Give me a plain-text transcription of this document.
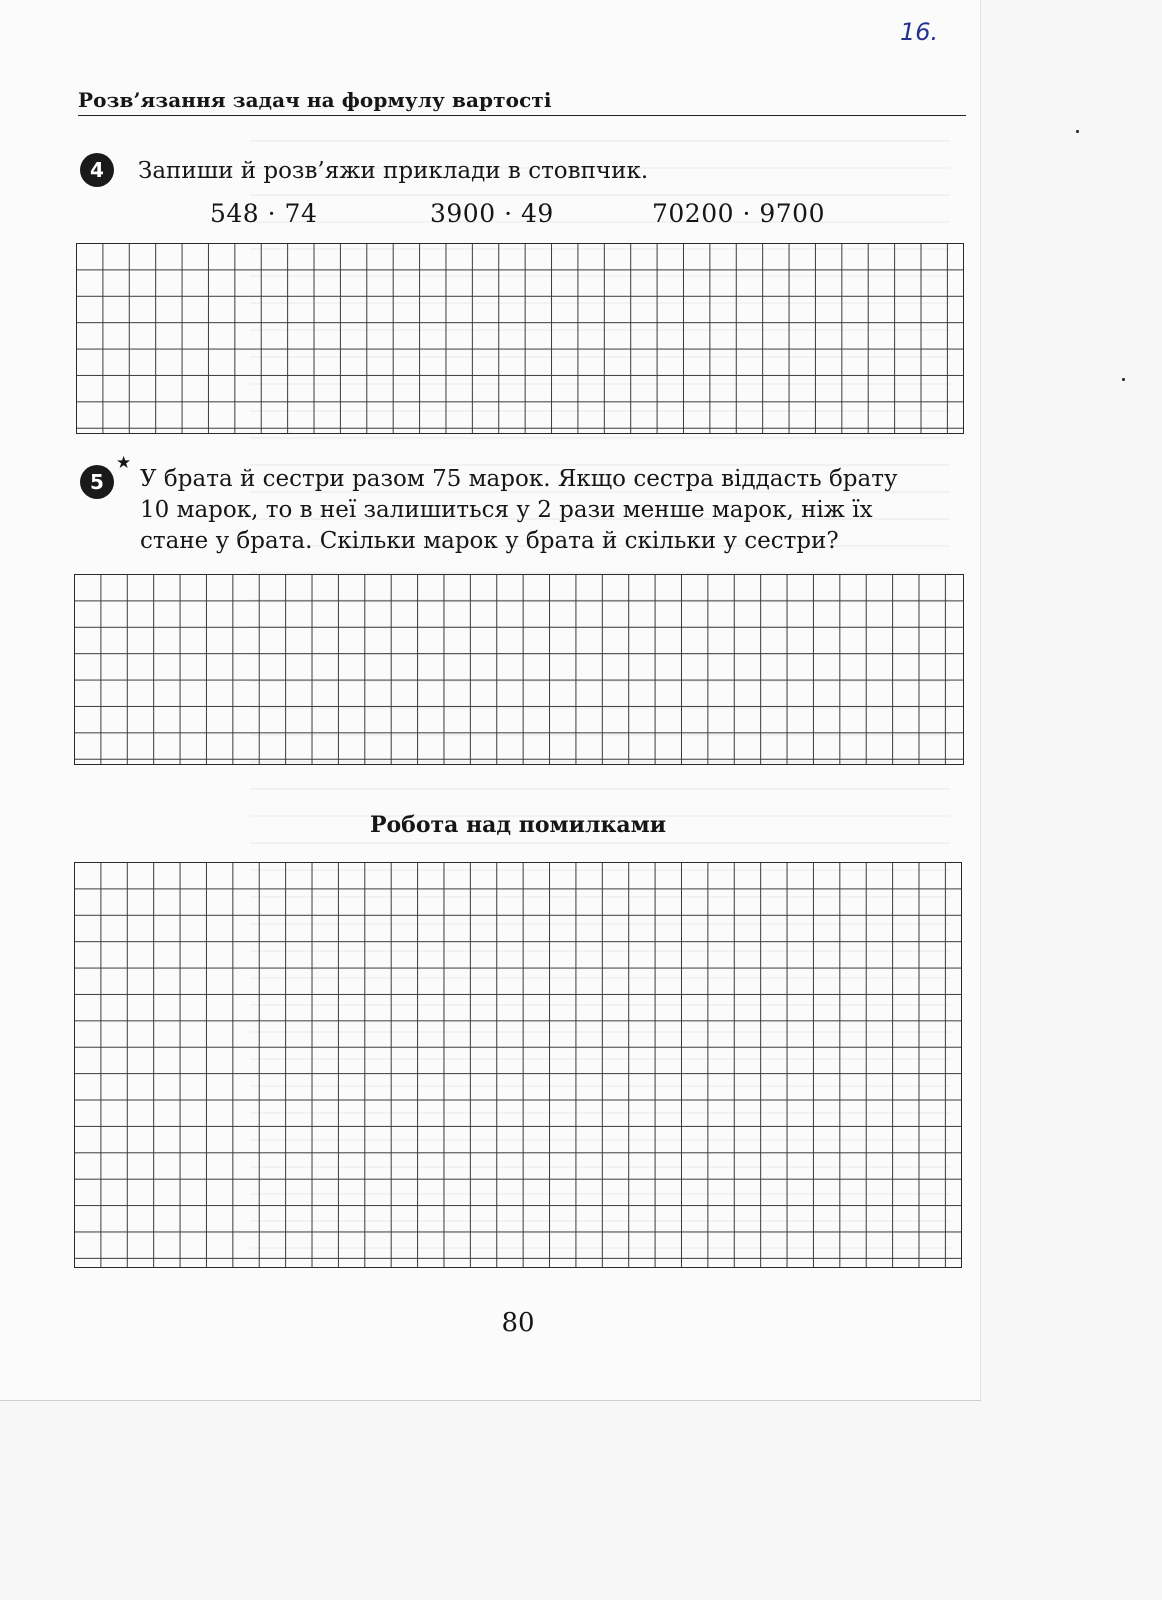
16.
Розв’язання задач на формулу вартості
4	Запиши й розв’яжи приклади в стовпчик.
548 · 74	3900 · 49	70200 · 9700
5
★
У брата й сестри разом 75 марок. Якщо сестра віддасть брату
10 марок, то в неї залишиться у 2 рази менше марок, ніж їх
стане у брата. Скільки марок у брата й скільки у сестри?
Робота над помилками
80
